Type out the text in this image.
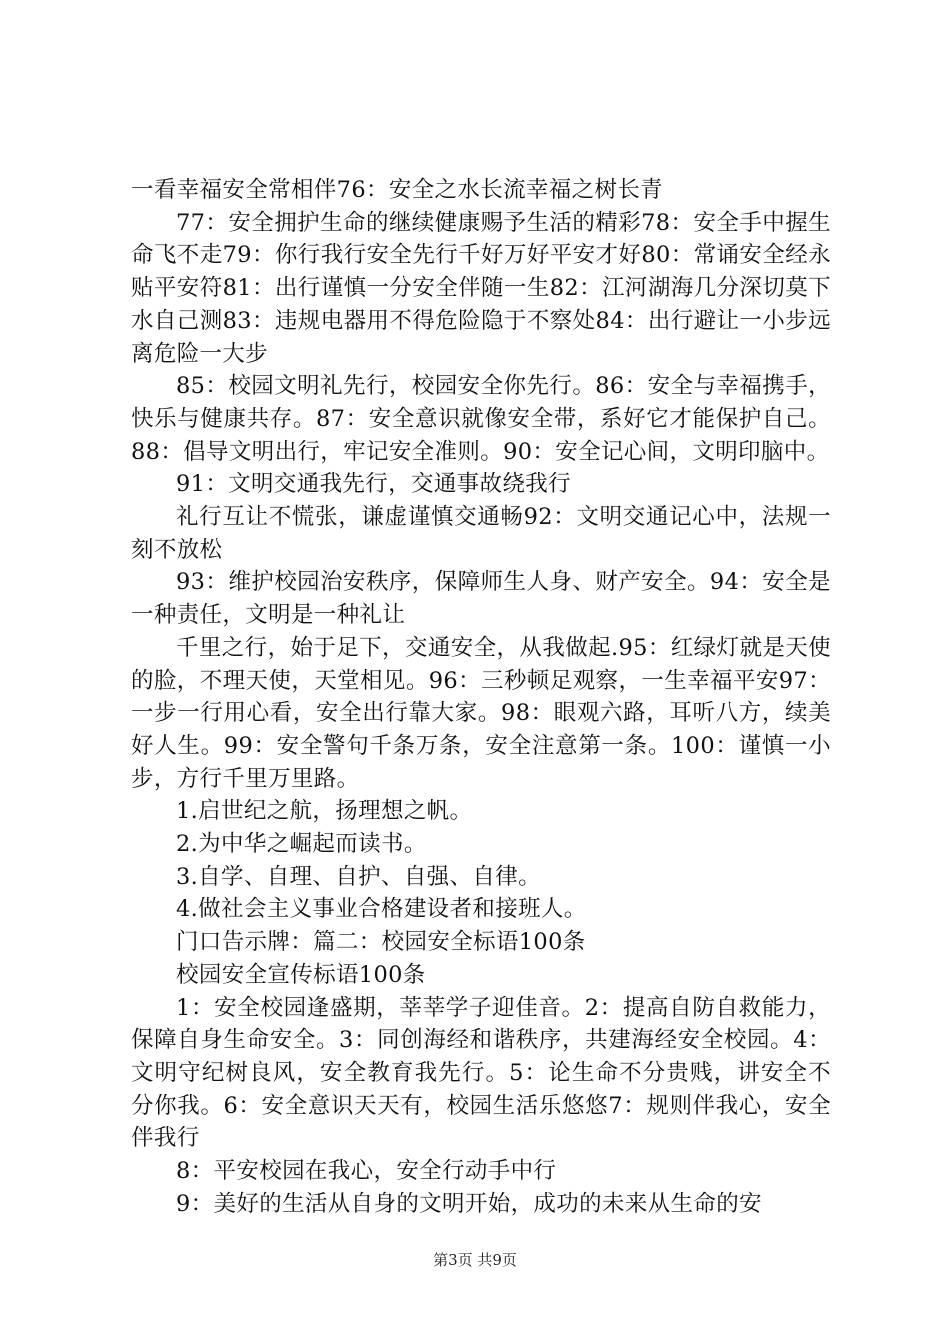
一看幸福安全常相伴76：安全之水长流幸福之树长青

77：安全拥护生命的继续健康赐予生活的精彩78：安全手中握生命飞不走79：你行我行安全先行千好万好平安才好80：常诵安全经永贴平安符81：出行谨慎一分安全伴随一生82：江河湖海几分深切莫下水自己测83：违规电器用不得危险隐于不察处84：出行避让一小步远离危险一大步

85：校园文明礼先行，校园安全你先行。86：安全与幸福携手，快乐与健康共存。87：安全意识就像安全带，系好它才能保护自己。88：倡导文明出行，牢记安全准则。90：安全记心间，文明印脑中。

91：文明交通我先行，交通事故绕我行

礼行互让不慌张，谦虚谨慎交通畅92：文明交通记心中，法规一刻不放松

93：维护校园治安秩序，保障师生人身、财产安全。94：安全是一种责任，文明是一种礼让

千里之行，始于足下，交通安全，从我做起.95：红绿灯就是天使的脸，不理天使，天堂相见。96：三秒顿足观察，一生幸福平安97：一步一行用心看，安全出行靠大家。98：眼观六路，耳听八方，续美好人生。99：安全警句千条万条，安全注意第一条。100：谨慎一小步，方行千里万里路。

1.启世纪之航，扬理想之帆。

2.为中华之崛起而读书。

3.自学、自理、自护、自强、自律。

4.做社会主义事业合格建设者和接班人。

门口告示牌：篇二：校园安全标语100条

校园安全宣传标语100条

1：安全校园逢盛期，莘莘学子迎佳音。2：提高自防自救能力，保障自身生命安全。3：同创海经和谐秩序，共建海经安全校园。4：文明守纪树良风，安全教育我先行。5：论生命不分贵贱，讲安全不分你我。6：安全意识天天有，校园生活乐悠悠7：规则伴我心，安全伴我行

8：平安校园在我心，安全行动手中行

9：美好的生活从自身的文明开始，成功的未来从生命的安

第3页 共9页
